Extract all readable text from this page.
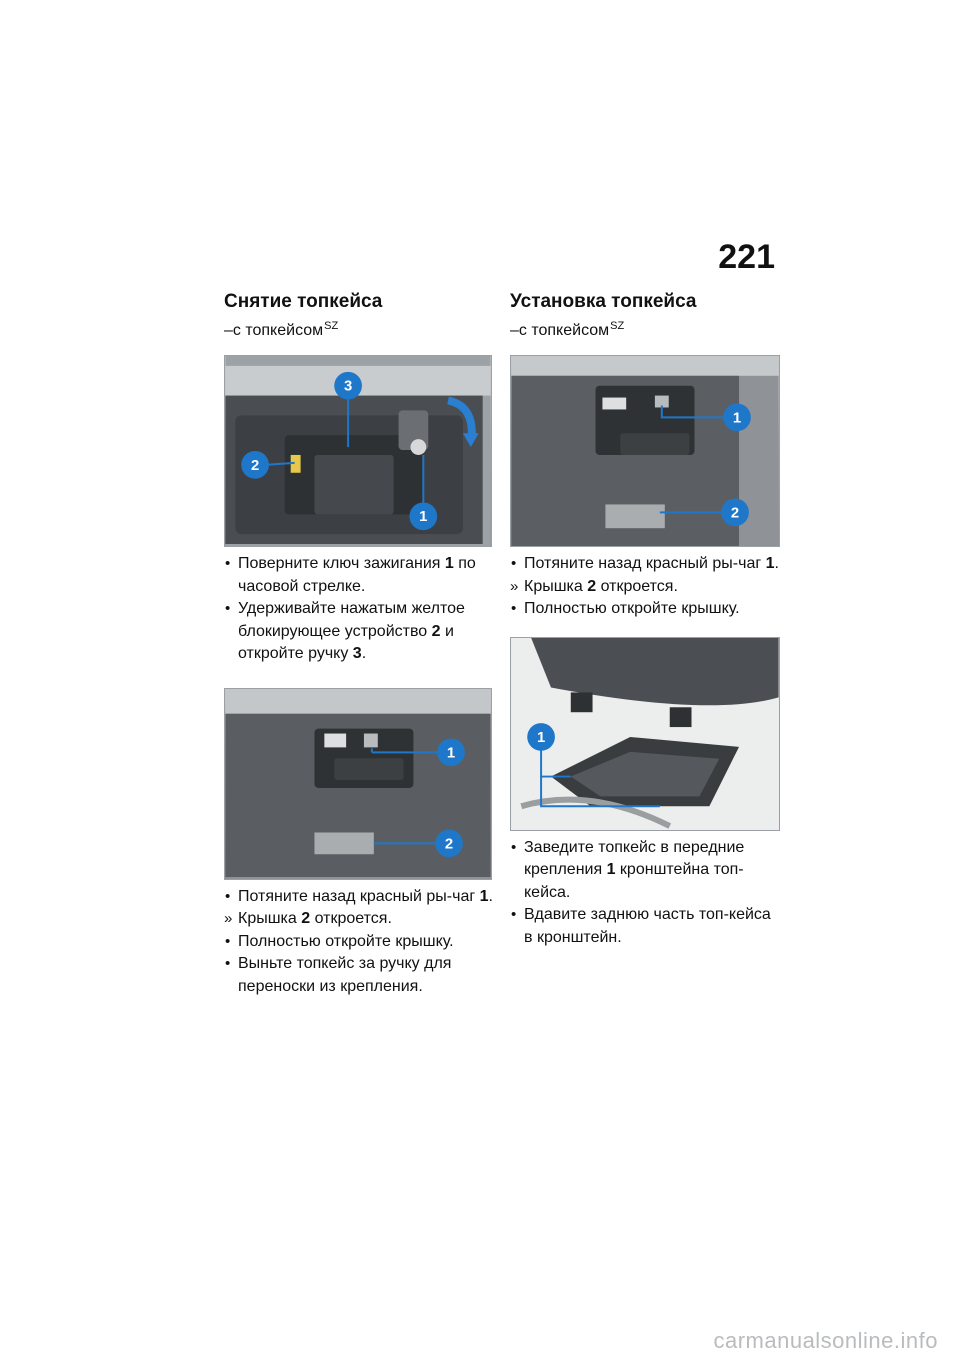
221
Снятие топкейса
–с топкейсом$^{SZ}$
3
2
1
• Поверните ключ зажигания 1 по часовой стрелке.
• Удерживайте нажатым желтое блокирующее устройство 2 и откройте ручку 3.
1
2
• Потяните назад красный ры-чаг 1.
» Крышка 2 откроется.
• Полностью откройте крышку.
• Выньте топкейс за ручку для переноски из крепления.
Установка топкейса
–с топкейсом$^{SZ}$
1
2
• Потяните назад красный ры-чаг 1.
» Крышка 2 откроется.
• Полностью откройте крышку.
1
• Заведите топкейс в передние крепления 1 кронштейна топ-кейса.
• Вдавите заднюю часть топ-кейса в кронштейн.
carmanualsonline.info
